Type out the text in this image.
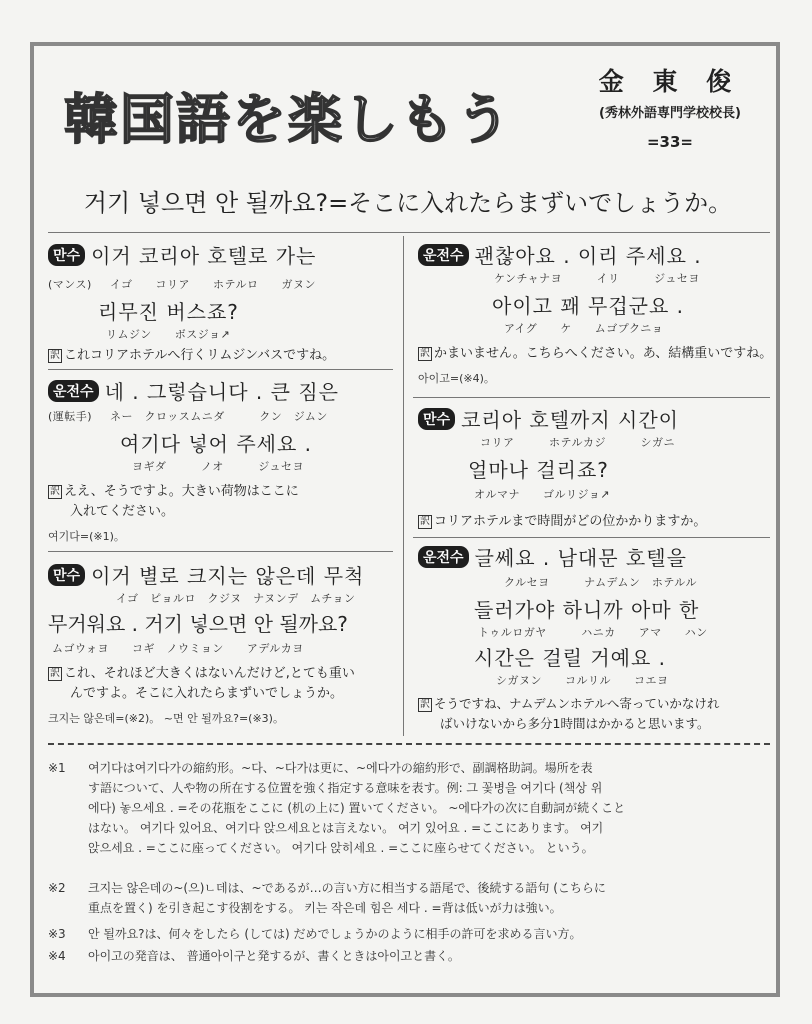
韓国語を楽しもう
金 東 俊
(秀林外語専門学校校長)
=33=
거기 넣으면 안 될까요?=そこに入れたらまずいでしょうか。
만수 이거 코리아 호텔로 가는
(マンス) イゴ　　コリア　　ホテルロ　　ガヌン
리무진 버스죠?
リムジン　　ボスジョ↗
訳 これコリアホテルへ行くリムジンバスですね。
운전수 네 . 그렇습니다 . 큰 짐은
(運転手) ネー　クロッスムニダ　　　クン　ジムン
여기다 넣어 주세요 .
ヨギダ　　　ノオ　　　ジュセヨ
訳 ええ、そうですよ。大きい荷物はここに
入れてください。
여기다=(※1)。
만수 이거 별로 크지는 않은데 무척
イゴ　ピョルロ　クジヌ　ナヌンデ　ムチョン
무거워요 . 거기 넣으면 안 될까요?
ムゴウォヨ　　コギ　ノウミョン　　アデルカヨ
訳 これ、それほど大きくはないんだけど,とても重い
んですよ。そこに入れたらまずいでしょうか。
크지는 않은데=(※2)。 ~면 안 될까요?=(※3)。
운전수 괜찮아요 . 이리 주세요 .
ケンチャナヨ　　　イリ　　　ジュセヨ
아이고 꽤 무겁군요 .
アイグ　　ケ　　ムゴプクニョ
訳 かまいません。こちらへください。あ、結構重いですね。
아이고=(※4)。
만수 코리아 호텔까지 시간이
コリア　　　ホテルカジ　　　シガニ
얼마나 걸리죠?
オルマナ　　ゴルリジョ↗
訳 コリアホテルまで時間がどの位かかりますか。
운전수 글쎄요 . 남대문 호텔을
クルセヨ　　　ナムデムン　ホテルル
들러가야 하니까 아마 한
トゥルロガヤ　　　ハニカ　　アマ　　ハン
시간은 걸릴 거예요 .
シガヌン　　コルリル　　コエヨ
訳 そうですね、ナムデムンホテルへ寄っていかなけれ
ばいけないから多分1時間はかかると思います。
※1	여기다は여기다가の縮約形。~다、~다가は更に、~에다가の縮約形で、副調格助詞。場所を表
す語について、人や物の所在する位置を強く指定する意味を表す。例: 그 꽃병을 여기다 (책상 위
에다) 놓으세요 . =その花瓶をここに (机の上に) 置いてください。 ~에다가の次に自動詞が続くこと
はない。 여기다 있어요、여기다 앉으세요とは言えない。 여기 있어요 . =ここにあります。 여기
앉으세요 . =ここに座ってください。 여기다 앉히세요 . =ここに座らせてください。 という。
※2	크지는 않은데の~(으)ㄴ데は、~であるが…の言い方に相当する語尾で、後続する語句 (こちらに
重点を置く) を引き起こす役割をする。 키는 작은데 힘은 세다 . =背は低いが力は強い。
※3	안 될까요?は、何々をしたら (しては) だめでしょうかのように相手の許可を求める言い方。
※4	아이고の発音は、 普通아이구と発するが、書くときは아이고と書く。
